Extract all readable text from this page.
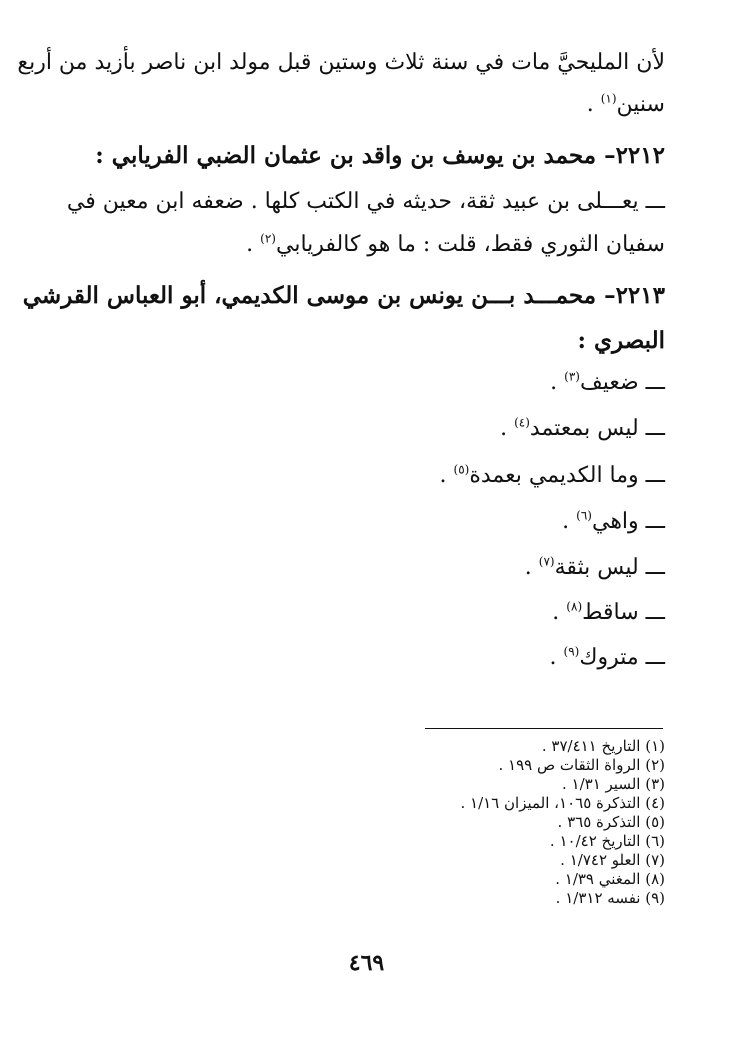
لأن المليحيَّ مات في سنة ثلاث وستين قبل مولد ابن ناصر بأزيد من أربع
سنين$^{(١)}$ .
٢٢١٢– محمد بن يوسف بن واقد بن عثمان الضبي الفريابي :
ـــ يعـــلى بن عبيد ثقة، حديثه في الكتب كلها . ضعفه ابن معين في
سفيان الثوري فقط، قلت : ما هو كالفريابي$^{(٢)}$ .
٢٢١٣– محمـــد بـــن يونس بن موسى الكديمي، أبو العباس القرشي
البصري :
ـــ ضعيف$^{(٣)}$ .
ـــ ليس بمعتمد$^{(٤)}$ .
ـــ وما الكديمي بعمدة$^{(٥)}$ .
ـــ واهي$^{(٦)}$ .
ـــ ليس بثقة$^{(٧)}$ .
ـــ ساقط$^{(٨)}$ .
ـــ متروك$^{(٩)}$ .
(١) التاريخ ٣٧/٤١١ .
(٢) الرواة الثقات ص ١٩٩ .
(٣) السير ١/٣١ .
(٤) التذكرة ١٠٦٥، الميزان ١/١٦ .
(٥) التذكرة ٣٦٥ .
(٦) التاريخ ١٠/٤٢ .
(٧) العلو ١/٧٤٢ .
(٨) المغني ١/٣٩ .
(٩) نفسه ١/٣١٢ .
٤٦٩
